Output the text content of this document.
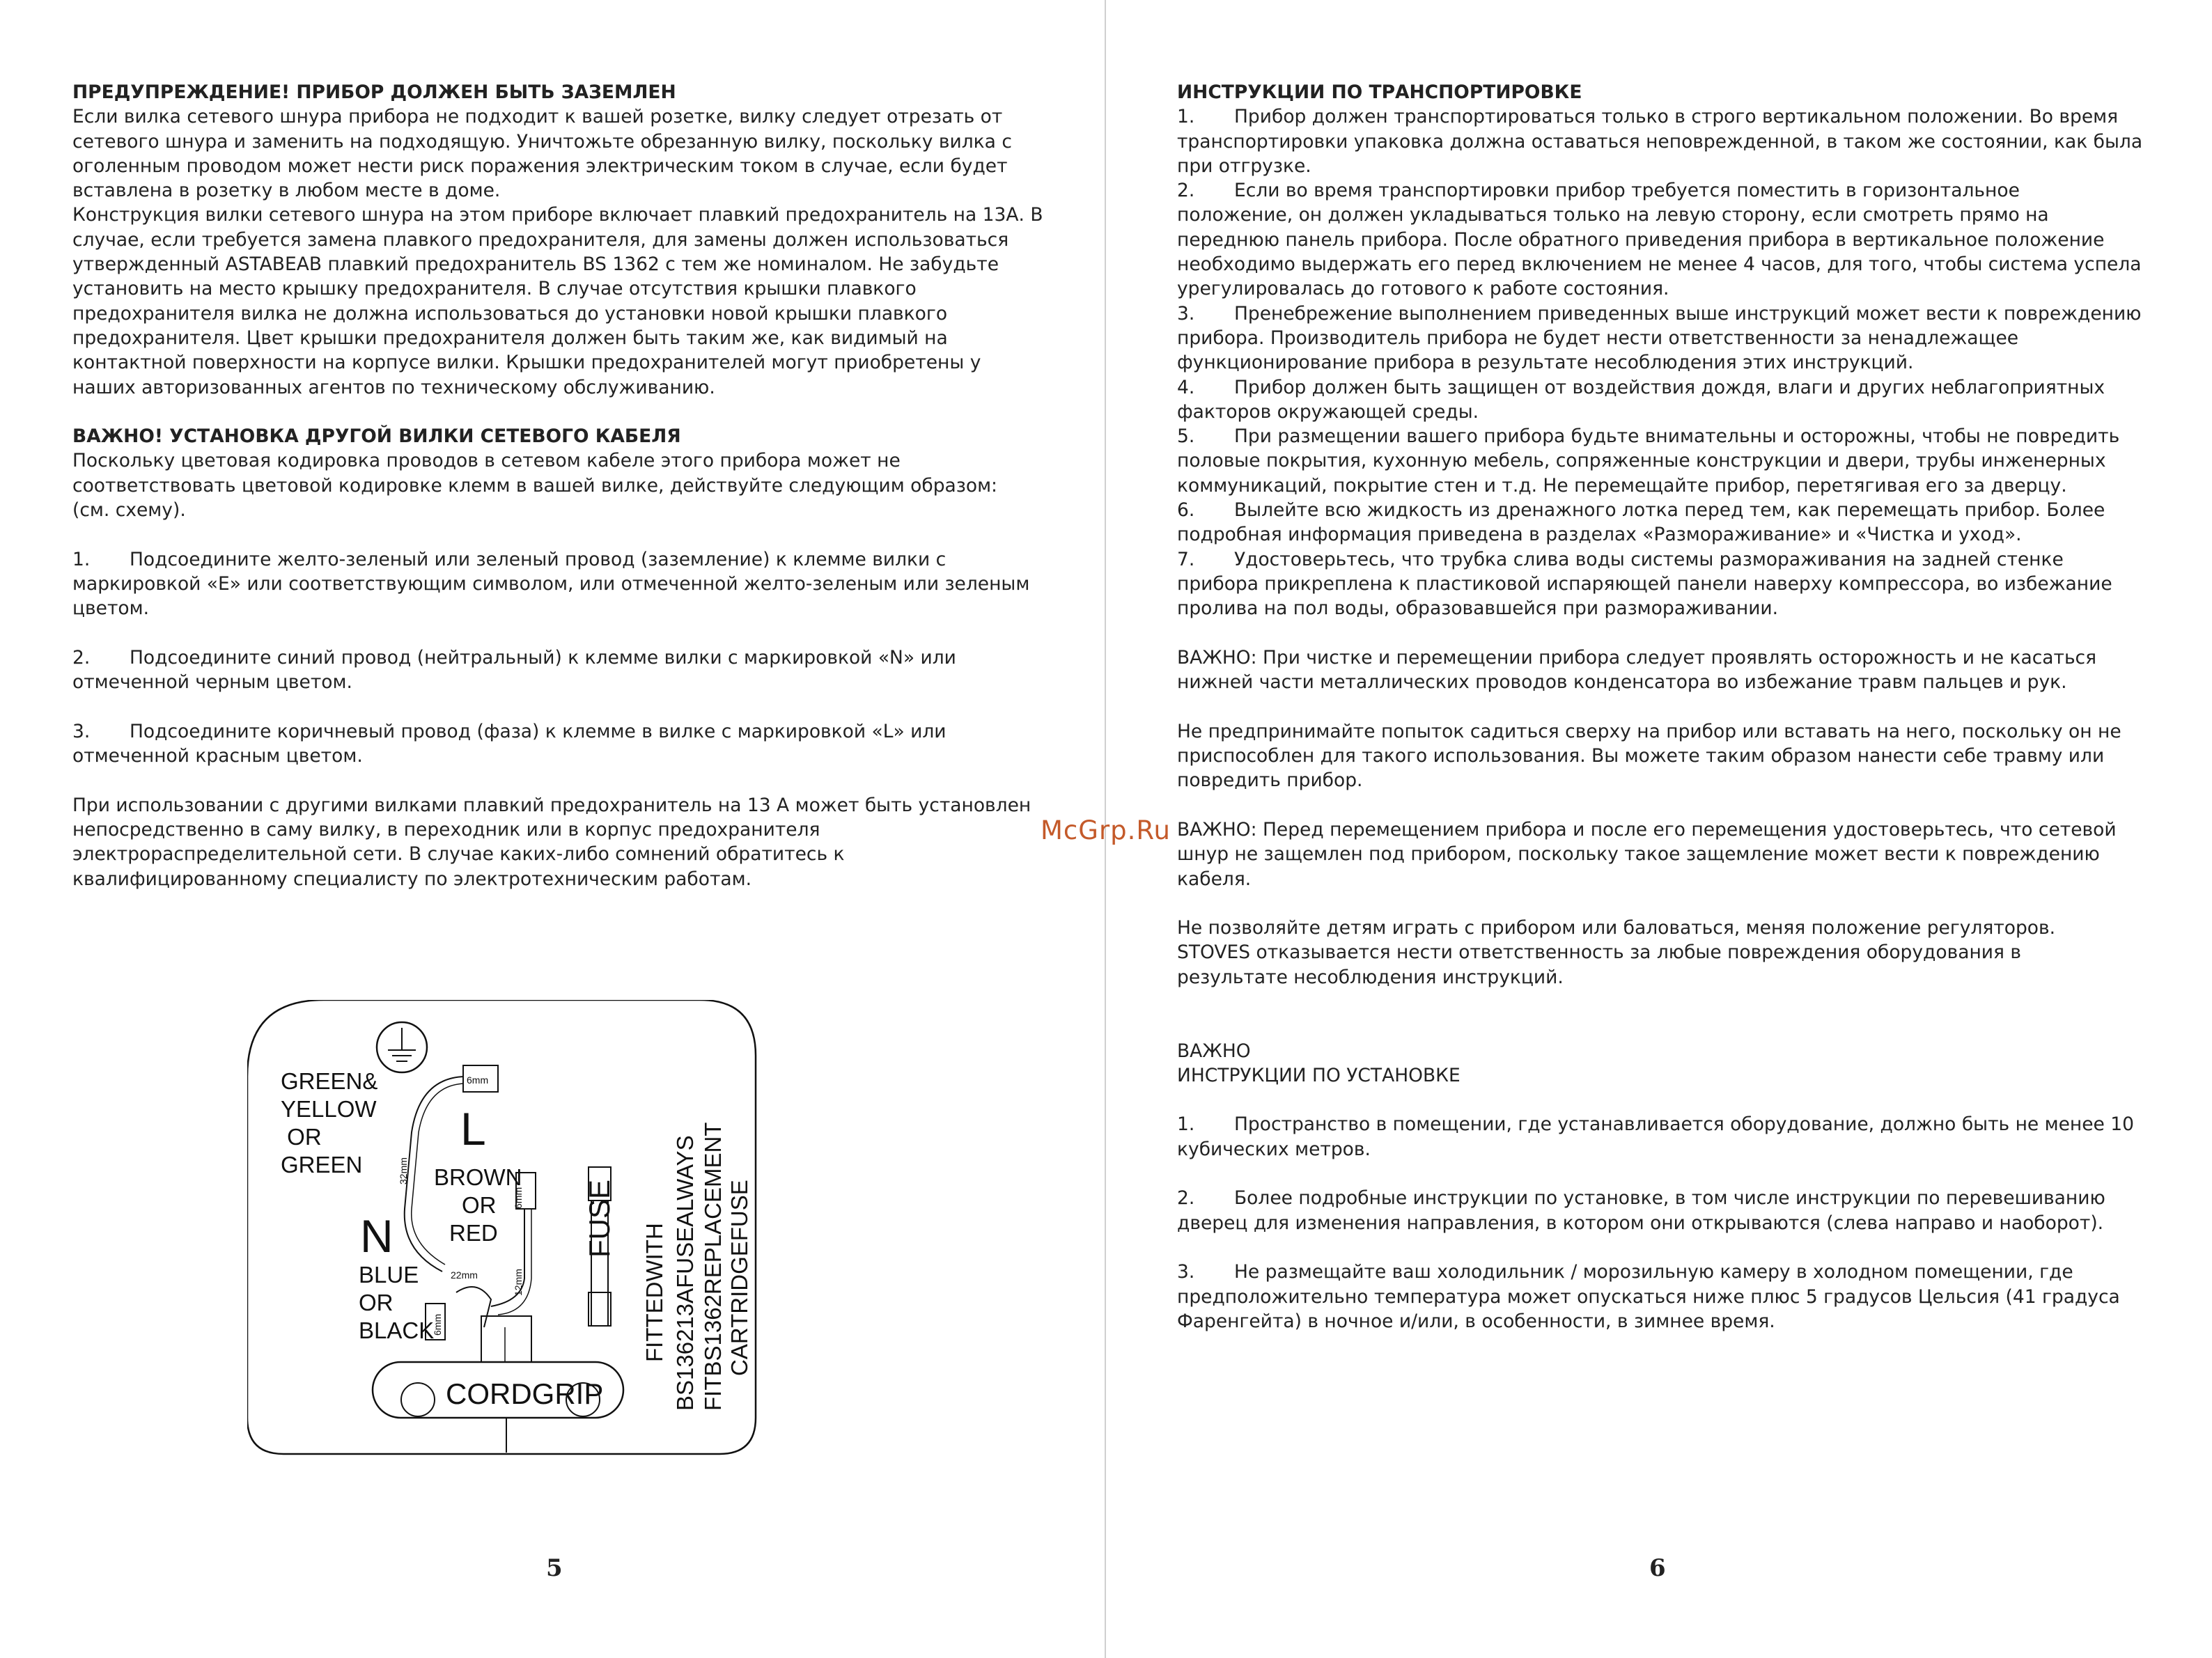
ПРЕДУПРЕЖДЕНИЕ! ПРИБОР ДОЛЖЕН БЫТЬ ЗАЗЕМЛЕН

Если вилка сетевого шнура прибора не подходит к вашей розетке, вилку следует отрезать от

сетевого шнура и заменить на подходящую. Уничтожьте обрезанную вилку, поскольку вилка с

оголенным проводом может нести риск поражения электрическим током в случае, если будет

вставлена в розетку в любом месте в доме.

Конструкция вилки сетевого шнура на этом приборе включает плавкий предохранитель на 13А. В

случае, если требуется замена плавкого предохранителя, для замены должен использоваться

утвержденный ASTABEAB плавкий предохранитель BS 1362 с тем же номиналом. Не забудьте

установить на место крышку предохранителя. В случае отсутствия крышки плавкого

предохранителя вилка не должна использоваться до установки новой крышки плавкого

предохранителя. Цвет крышки предохранителя должен быть таким же, как видимый на

контактной поверхности на корпусе вилки. Крышки предохранителей могут приобретены у

наших авторизованных агентов по техническому обслуживанию.

ВАЖНО! УСТАНОВКА ДРУГОЙ ВИЛКИ СЕТЕВОГО КАБЕЛЯ

Поскольку цветовая кодировка проводов в сетевом кабеле этого прибора может не

соответствовать цветовой кодировке клемм в вашей вилке, действуйте следующим образом:

(см. схему).

1. Подсоедините желто-зеленый или зеленый провод (заземление) к клемме вилки с

маркировкой «Е» или соответствующим символом, или отмеченной желто-зеленым или зеленым

цветом.

2. Подсоедините синий провод (нейтральный) к клемме вилки с маркировкой «N» или

отмеченной черным цветом.

3. Подсоедините коричневый провод (фаза) к клемме в вилке с маркировкой «L» или

отмеченной красным цветом.

При использовании с другими вилками плавкий предохранитель на 13 А может быть установлен

непосредственно в саму вилку, в переходник или в корпус предохранителя

электрораспределительной сети. В случае каких-либо сомнений обратитесь к

квалифицированному специалисту по электротехническим работам.

6mm
32mm
6mm
12mm
6mm
22mm
CORDGRIP
FUSE
GREEN&
YELLOW
OR
GREEN
L
BROWN
OR
RED
N
BLUE
OR
BLACK	FITTEDWITH BS136213AFUSEALWAYS FITBS1362REPLACEMENT CARTRIDGEFUSE
5

ИНСТРУКЦИИ ПО ТРАНСПОРТИРОВКЕ

1. Прибор должен транспортироваться только в строго вертикальном положении. Во время

транспортировки упаковка должна оставаться неповрежденной, в таком же состоянии, как была

при отгрузке.

2. Если во время транспортировки прибор требуется поместить в горизонтальное

положение, он должен укладываться только на левую сторону, если смотреть прямо на

переднюю панель прибора. После обратного приведения прибора в вертикальное положение

необходимо выдержать его перед включением не менее 4 часов, для того, чтобы система успела

урегулировалась до готового к работе состояния.

3. Пренебрежение выполнением приведенных выше инструкций может вести к повреждению

прибора. Производитель прибора не будет нести ответственности за ненадлежащее

функционирование прибора в результате несоблюдения этих инструкций.

4. Прибор должен быть защищен от воздействия дождя, влаги и других неблагоприятных

факторов окружающей среды.

5. При размещении вашего прибора будьте внимательны и осторожны, чтобы не повредить

половые покрытия, кухонную мебель, сопряженные конструкции и двери, трубы инженерных

коммуникаций, покрытие стен и т.д. Не перемещайте прибор, перетягивая его за дверцу.

6. Вылейте всю жидкость из дренажного лотка перед тем, как перемещать прибор. Более

подробная информация приведена в разделах «Размораживание» и «Чистка и уход».

7. Удостоверьтесь, что трубка слива воды системы размораживания на задней стенке

прибора прикреплена к пластиковой испаряющей панели наверху компрессора, во избежание

пролива на пол воды, образовавшейся при размораживании.

ВАЖНО: При чистке и перемещении прибора следует проявлять осторожность и не касаться

нижней части металлических проводов конденсатора во избежание травм пальцев и рук.

Не предпринимайте попыток садиться сверху на прибор или вставать на него, поскольку он не

приспособлен для такого использования. Вы можете таким образом нанести себе травму или

повредить прибор.

ВАЖНО: Перед перемещением прибора и после его перемещения удостоверьтесь, что сетевой

шнур не защемлен под прибором, поскольку такое защемление может вести к повреждению

кабеля.

Не позволяйте детям играть с прибором или баловаться, меняя положение регуляторов.

STOVES отказывается нести ответственность за любые повреждения оборудования в

результате несоблюдения инструкций.

ВАЖНО

ИНСТРУКЦИИ ПО УСТАНОВКЕ

1. Пространство в помещении, где устанавливается оборудование, должно быть не менее 10

кубических метров.

2. Более подробные инструкции по установке, в том числе инструкции по перевешиванию

дверец для изменения направления, в котором они открываются (слева направо и наоборот).

3. Не размещайте ваш холодильник / морозильную камеру в холодном помещении, где

предположительно температура может опускаться ниже плюс 5 градусов Цельсия (41 градуса

Фаренгейта) в ночное и/или, в особенности, в зимнее время.

6
McGrp.Ru
